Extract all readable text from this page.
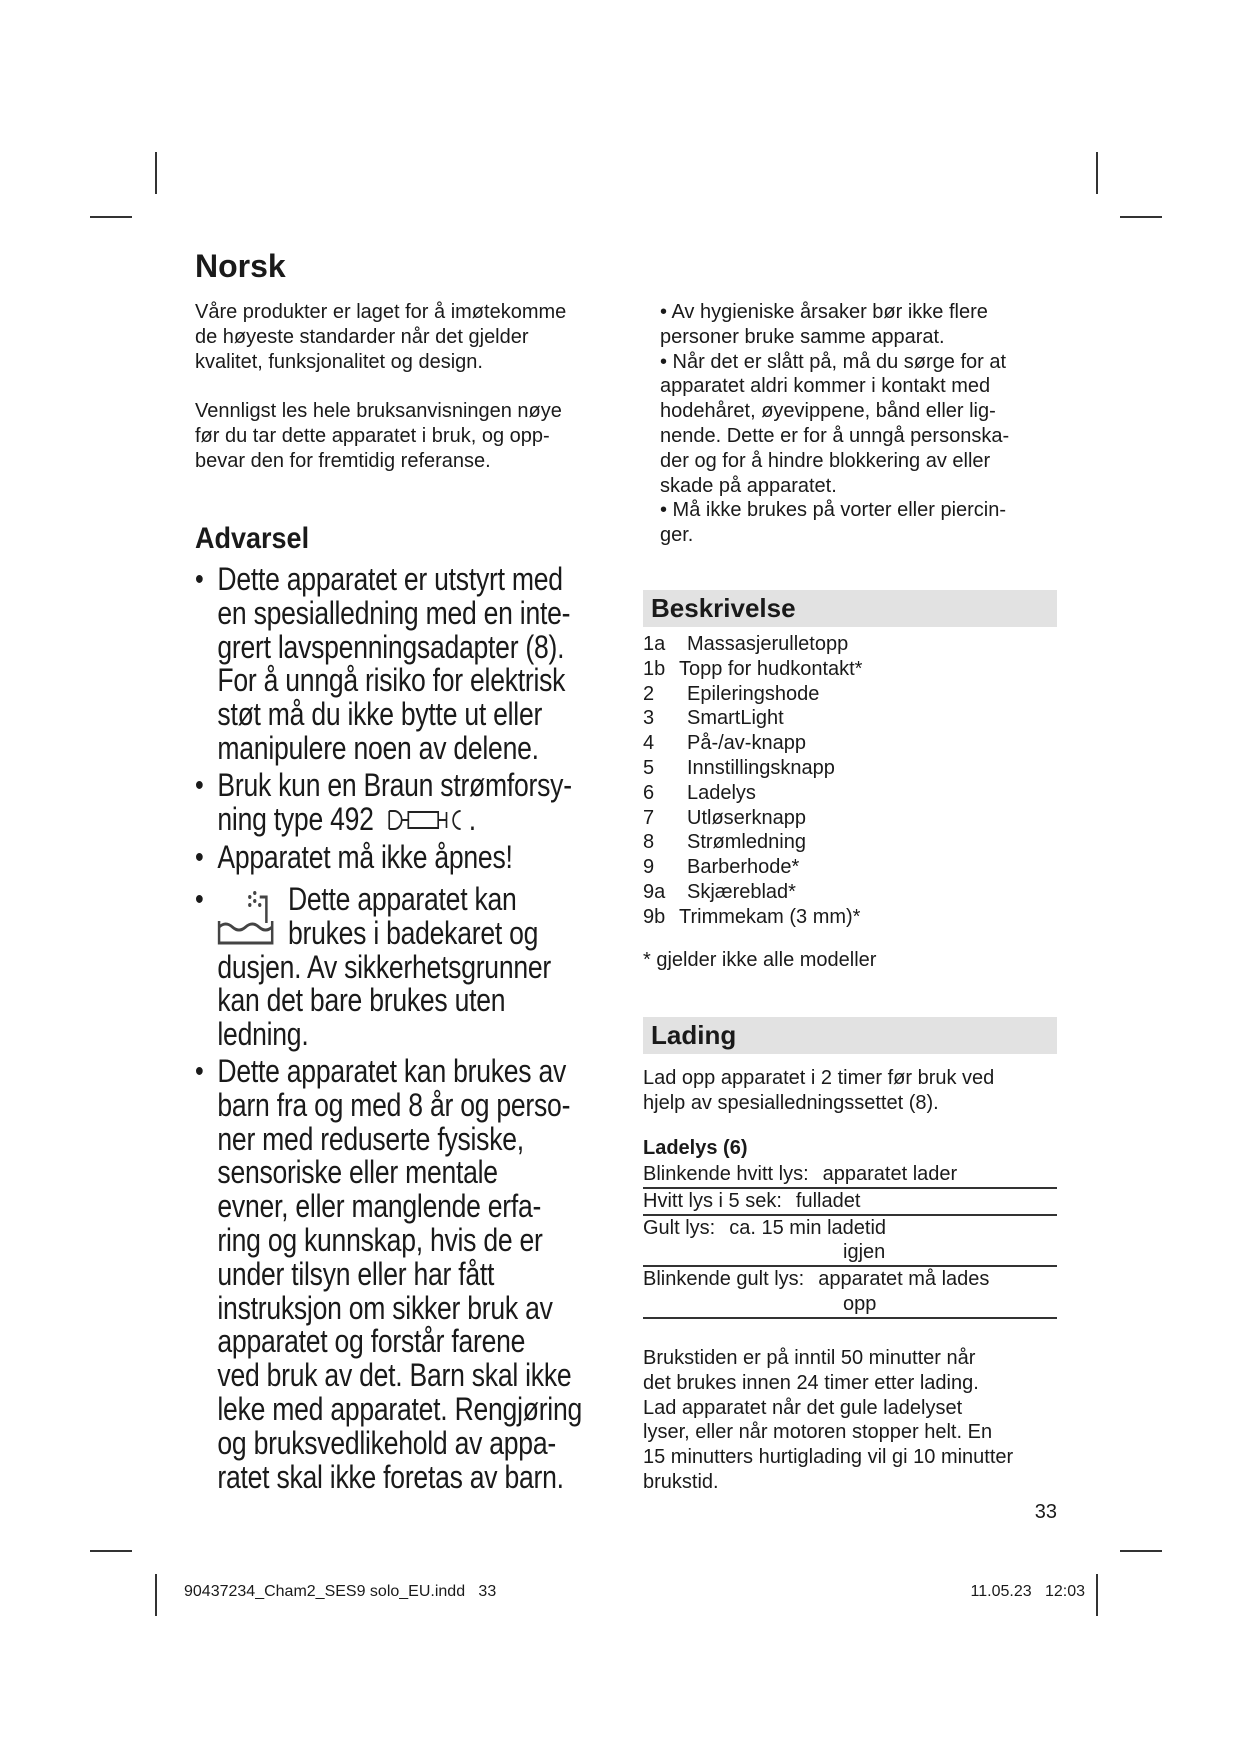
Norsk
Våre produkter er laget for å imøtekomme
de høyeste standarder når det gjelder
kvalitet, funksjonalitet og design.
Vennligst les hele bruksanvisningen nøye
før du tar dette apparatet i bruk, og opp-
bevar den for fremtidig referanse.
Advarsel
• Dette apparatet er utstyrt med
en spesialledning med en inte-
grert lavspenningsadapter (8).
For å unngå risiko for elektrisk
støt må du ikke bytte ut eller
manipulere noen av delene.
• Bruk kun en Braun strømforsy-
ning type 492	.
• Apparatet må ikke åpnes!
•	Dette apparatet kan
brukes i badekaret og
dusjen. Av sikkerhetsgrunner
kan det bare brukes uten
ledning.
• Dette apparatet kan brukes av
barn fra og med 8 år og perso-
ner med reduserte fysiske,
sensoriske eller mentale
evner, eller manglende erfa-
ring og kunnskap, hvis de er
under tilsyn eller har fått
instruksjon om sikker bruk av
apparatet og forstår farene
ved bruk av det. Barn skal ikke
leke med apparatet. Rengjøring
og bruksvedlikehold av appa-
ratet skal ikke foretas av barn.
• Av hygieniske årsaker bør ikke flere
personer bruke samme apparat.
• Når det er slått på, må du sørge for at
apparatet aldri kommer i kontakt med
hodehåret, øyevippene, bånd eller lig-
nende. Dette er for å unngå personska-
der og for å hindre blokkering av eller
skade på apparatet.
• Må ikke brukes på vorter eller piercin-
ger.
Beskrivelse
1a Massasjerulletopp
1b Topp for hudkontakt*
2 Epileringshode
3 SmartLight
4 På-/av-knapp
5 Innstillingsknapp
6 Ladelys
7 Utløserknapp
8 Strømledning
9 Barberhode*
9a Skjæreblad*
9b Trimmekam (3 mm)*
* gjelder ikke alle modeller
Lading
Lad opp apparatet i 2 timer før bruk ved
hjelp av spesialledningssettet (8).
Ladelys (6)
Blinkende hvitt lys: apparatet lader
Hvitt lys i 5 sek: fulladet
Gult lys: ca. 15 min ladetid
igjen
Blinkende gult lys: apparatet må lades
opp
Brukstiden er på inntil 50 minutter når
det brukes innen 24 timer etter lading.
Lad apparatet når det gule ladelyset
lyser, eller når motoren stopper helt. En
15 minutters hurtiglading vil gi 10 minutter
brukstid.
33
90437234_Cham2_SES9 solo_EU.indd   33	11.05.23   12:03
